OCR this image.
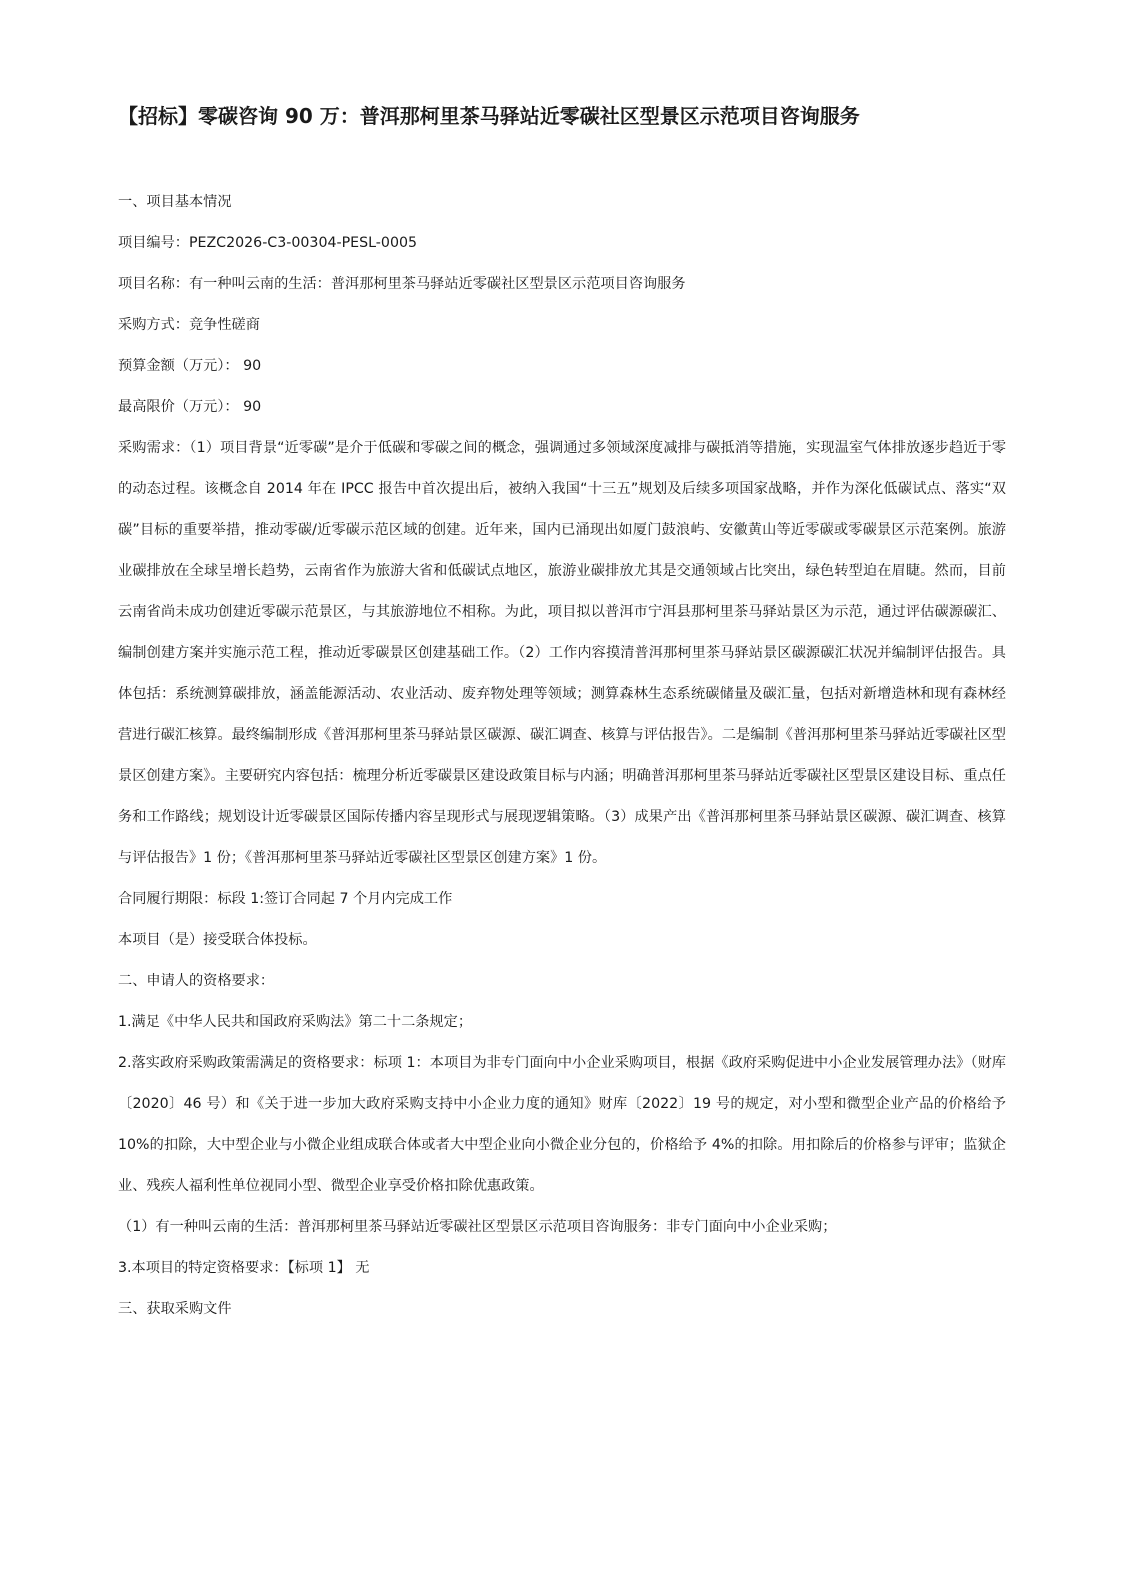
【招标】零碳咨询 90 万：普洱那柯里茶马驿站近零碳社区型景区示范项目咨询服务

一、项目基本情况

项目编号：PEZC2026-C3-00304-PESL-0005

项目名称：有一种叫云南的生活：普洱那柯里茶马驿站近零碳社区型景区示范项目咨询服务

采购方式：竞争性磋商

预算金额（万元）： 90

最高限价（万元）： 90

采购需求：（1）项目背景“近零碳”是介于低碳和零碳之间的概念，强调通过多领域深度减排与碳抵消等措施，实现温室气体排放逐步趋近于零的动态过程。该概念自 2014 年在 IPCC 报告中首次提出后，被纳入我国“十三五”规划及后续多项国家战略，并作为深化低碳试点、落实“双碳”目标的重要举措，推动零碳/近零碳示范区域的创建。近年来，国内已涌现出如厦门鼓浪屿、安徽黄山等近零碳或零碳景区示范案例。旅游业碳排放在全球呈增长趋势，云南省作为旅游大省和低碳试点地区，旅游业碳排放尤其是交通领域占比突出，绿色转型迫在眉睫。然而，目前云南省尚未成功创建近零碳示范景区，与其旅游地位不相称。为此，项目拟以普洱市宁洱县那柯里茶马驿站景区为示范，通过评估碳源碳汇、编制创建方案并实施示范工程，推动近零碳景区创建基础工作。（2）工作内容摸清普洱那柯里茶马驿站景区碳源碳汇状况并编制评估报告。具体包括：系统测算碳排放，涵盖能源活动、农业活动、废弃物处理等领域；测算森林生态系统碳储量及碳汇量，包括对新增造林和现有森林经营进行碳汇核算。最终编制形成《普洱那柯里茶马驿站景区碳源、碳汇调查、核算与评估报告》。二是编制《普洱那柯里茶马驿站近零碳社区型景区创建方案》。主要研究内容包括：梳理分析近零碳景区建设政策目标与内涵；明确普洱那柯里茶马驿站近零碳社区型景区建设目标、重点任务和工作路线；规划设计近零碳景区国际传播内容呈现形式与展现逻辑策略。（3）成果产出《普洱那柯里茶马驿站景区碳源、碳汇调查、核算与评估报告》1 份；《普洱那柯里茶马驿站近零碳社区型景区创建方案》1 份。

合同履行期限：标段 1:签订合同起 7 个月内完成工作

本项目（是）接受联合体投标。

二、申请人的资格要求：

1.满足《中华人民共和国政府采购法》第二十二条规定；

2.落实政府采购政策需满足的资格要求：标项 1：本项目为非专门面向中小企业采购项目，根据《政府采购促进中小企业发展管理办法》（财库〔2020〕46 号）和《关于进一步加大政府采购支持中小企业力度的通知》财库〔2022〕19 号的规定，对小型和微型企业产品的价格给予 10%的扣除，大中型企业与小微企业组成联合体或者大中型企业向小微企业分包的，价格给予 4%的扣除。用扣除后的价格参与评审；监狱企业、残疾人福利性单位视同小型、微型企业享受价格扣除优惠政策。

（1）有一种叫云南的生活：普洱那柯里茶马驿站近零碳社区型景区示范项目咨询服务：非专门面向中小企业采购；

3.本项目的特定资格要求：【标项 1】 无

三、获取采购文件
